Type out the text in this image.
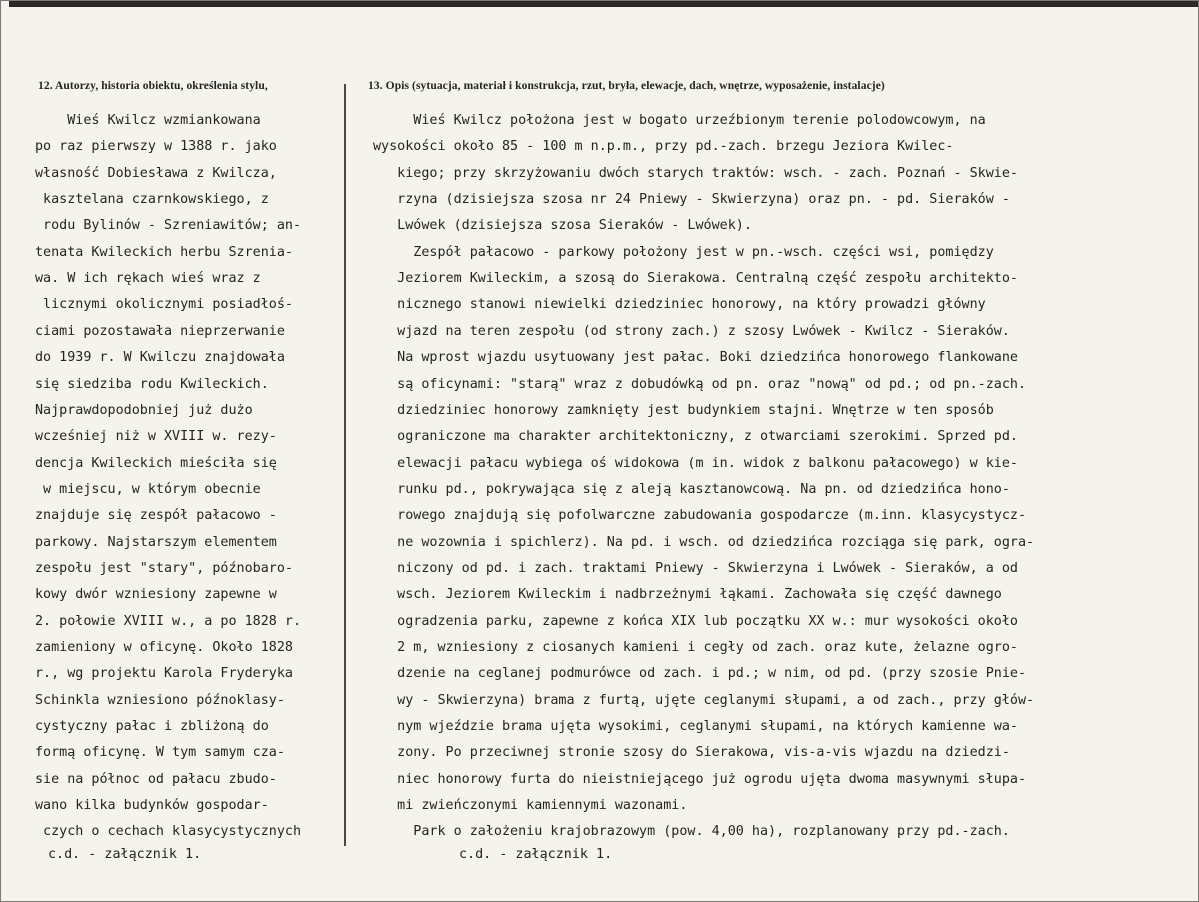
12. Autorzy, historia obiektu, określenia stylu,	13. Opis (sytuacja, materiał i konstrukcja, rzut, bryła, elewacje, dach, wnętrze, wyposażenie, instalacje)
Wieś Kwilcz wzmiankowana
po raz pierwszy w 1388 r. jako
własność Dobiesława z Kwilcza,
kasztelana czarnkowskiego, z
rodu Bylinów - Szreniawitów; an-
tenata Kwileckich herbu Szrenia-
wa. W ich rękach wieś wraz z
licznymi okolicznymi posiadłoś-
ciami pozostawała nieprzerwanie
do 1939 r. W Kwilczu znajdowała
się siedziba rodu Kwileckich.
Najprawdopodobniej już dużo
wcześniej niż w XVIII w. rezy-
dencja Kwileckich mieściła się
w miejscu, w którym obecnie
znajduje się zespół pałacowo -
parkowy. Najstarszym elementem
zespołu jest "stary", późnobaro-
kowy dwór wzniesiony zapewne w
2. połowie XVIII w., a po 1828 r.
zamieniony w oficynę. Około 1828
r., wg projektu Karola Fryderyka
Schinkla wzniesiono późnoklasy-
cystyczny pałac i zbliżoną do
formą oficynę. W tym samym cza-
sie na północ od pałacu zbudo-
wano kilka budynków gospodar-
czych o cechach klasycystycznych
Wieś Kwilcz położona jest w bogato urzeźbionym terenie polodowcowym, na
wysokości około 85 - 100 m n.p.m., przy pd.-zach. brzegu Jeziora Kwilec-
kiego; przy skrzyżowaniu dwóch starych traktów: wsch. - zach. Poznań - Skwie-
rzyna (dzisiejsza szosa nr 24 Pniewy - Skwierzyna) oraz pn. - pd. Sieraków -
Lwówek (dzisiejsza szosa Sieraków - Lwówek).
Zespół pałacowo - parkowy położony jest w pn.-wsch. części wsi, pomiędzy
Jeziorem Kwileckim, a szosą do Sierakowa. Centralną część zespołu architekto-
nicznego stanowi niewielki dziedziniec honorowy, na który prowadzi główny
wjazd na teren zespołu (od strony zach.) z szosy Lwówek - Kwilcz - Sieraków.
Na wprost wjazdu usytuowany jest pałac. Boki dziedzińca honorowego flankowane
są oficynami: "starą" wraz z dobudówką od pn. oraz "nową" od pd.; od pn.-zach.
dziedziniec honorowy zamknięty jest budynkiem stajni. Wnętrze w ten sposób
ograniczone ma charakter architektoniczny, z otwarciami szerokimi. Sprzed pd.
elewacji pałacu wybiega oś widokowa (m in. widok z balkonu pałacowego) w kie-
runku pd., pokrywająca się z aleją kasztanowcową. Na pn. od dziedzińca hono-
rowego znajdują się pofolwarczne zabudowania gospodarcze (m.inn. klasycystycz-
ne wozownia i spichlerz). Na pd. i wsch. od dziedzińca rozciąga się park, ogra-
niczony od pd. i zach. traktami Pniewy - Skwierzyna i Lwówek - Sieraków, a od
wsch. Jeziorem Kwileckim i nadbrzeżnymi łąkami. Zachowała się część dawnego
ogradzenia parku, zapewne z końca XIX lub początku XX w.: mur wysokości około
2 m, wzniesiony z ciosanych kamieni i cegły od zach. oraz kute, żelazne ogro-
dzenie na ceglanej podmurówce od zach. i pd.; w nim, od pd. (przy szosie Pnie-
wy - Skwierzyna) brama z furtą, ujęte ceglanymi słupami, a od zach., przy głów-
nym wjeździe brama ujęta wysokimi, ceglanymi słupami, na których kamienne wa-
zony. Po przeciwnej stronie szosy do Sierakowa, vis-a-vis wjazdu na dziedzi-
niec honorowy furta do nieistniejącego już ogrodu ujęta dwoma masywnymi słupa-
mi zwieńczonymi kamiennymi wazonami.
Park o założeniu krajobrazowym (pow. 4,00 ha), rozplanowany przy pd.-zach.
c.d. - załącznik 1.	c.d. - załącznik 1.
